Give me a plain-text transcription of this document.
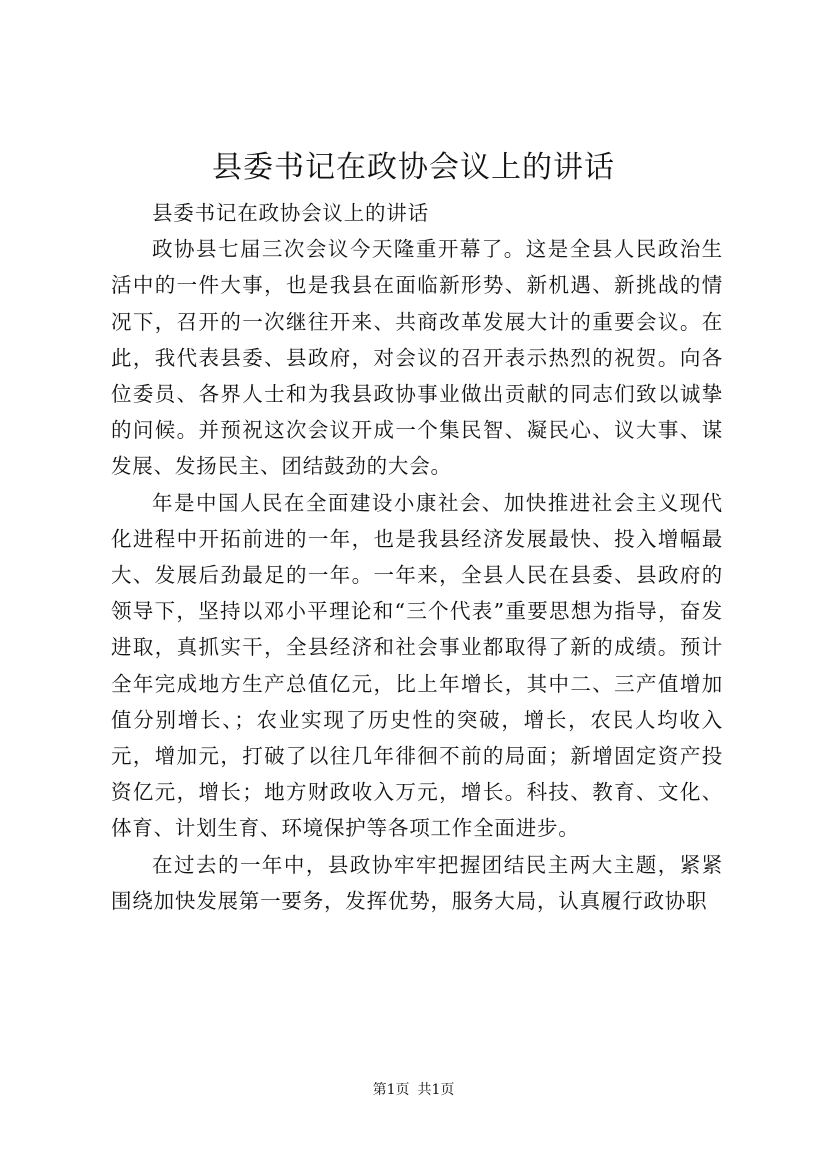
县委书记在政协会议上的讲话

县委书记在政协会议上的讲话

政协县七届三次会议今天隆重开幕了。这是全县人民政治生活中的一件大事，也是我县在面临新形势、新机遇、新挑战的情况下，召开的一次继往开来、共商改革发展大计的重要会议。在此，我代表县委、县政府，对会议的召开表示热烈的祝贺。向各位委员、各界人士和为我县政协事业做出贡献的同志们致以诚挚的问候。并预祝这次会议开成一个集民智、凝民心、议大事、谋发展、发扬民主、团结鼓劲的大会。

年是中国人民在全面建设小康社会、加快推进社会主义现代化进程中开拓前进的一年，也是我县经济发展最快、投入增幅最大、发展后劲最足的一年。一年来，全县人民在县委、县政府的领导下，坚持以邓小平理论和“三个代表”重要思想为指导，奋发进取，真抓实干，全县经济和社会事业都取得了新的成绩。预计全年完成地方生产总值亿元，比上年增长，其中二、三产值增加值分别增长、；农业实现了历史性的突破，增长，农民人均收入元，增加元，打破了以往几年徘徊不前的局面；新增固定资产投资亿元，增长；地方财政收入万元，增长。科技、教育、文化、体育、计划生育、环境保护等各项工作全面进步。

在过去的一年中，县政协牢牢把握团结民主两大主题，紧紧围绕加快发展第一要务，发挥优势，服务大局，认真履行政协职

第1页 共1页
